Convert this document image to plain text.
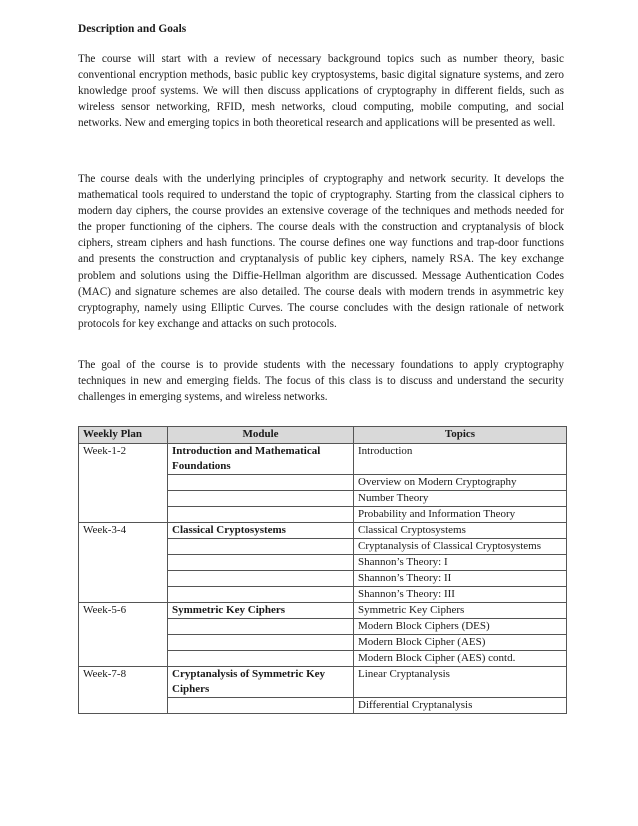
Description and Goals

The course will start with a review of necessary background topics such as number theory, basic conventional encryption methods, basic public key cryptosystems, basic digital signature systems, and zero knowledge proof systems. We will then discuss applications of cryptography in different fields, such as wireless sensor networking, RFID, mesh networks, cloud computing, mobile computing, and social networks. New and emerging topics in both theoretical research and applications will be presented as well.

The course deals with the underlying principles of cryptography and network security. It develops the mathematical tools required to understand the topic of cryptography. Starting from the classical ciphers to modern day ciphers, the course provides an extensive coverage of the techniques and methods needed for the proper functioning of the ciphers. The course deals with the construction and cryptanalysis of block ciphers, stream ciphers and hash functions. The course defines one way functions and trap-door functions and presents the construction and cryptanalysis of public key ciphers, namely RSA. The key exchange problem and solutions using the Diffie-Hellman algorithm are discussed. Message Authentication Codes (MAC) and signature schemes are also detailed. The course deals with modern trends in asymmetric key cryptography, namely using Elliptic Curves. The course concludes with the design rationale of network protocols for key exchange and attacks on such protocols.

The goal of the course is to provide students with the necessary foundations to apply cryptography techniques in new and emerging fields. The focus of this class is to discuss and understand the security challenges in emerging systems, and wireless networks.

Weekly Plan	Module	Topics
Week-1-2	Introduction and Mathematical Foundations	Introduction
		Overview on Modern Cryptography
		Number Theory
		Probability and Information Theory
Week-3-4	Classical Cryptosystems	Classical Cryptosystems
		Cryptanalysis of Classical Cryptosystems
		Shannon’s Theory: I
		Shannon’s Theory: II
		Shannon’s Theory: III
Week-5-6	Symmetric Key Ciphers	Symmetric Key Ciphers
		Modern Block Ciphers (DES)
		Modern Block Cipher (AES)
		Modern Block Cipher (AES) contd.
Week-7-8	Cryptanalysis of Symmetric Key Ciphers	Linear Cryptanalysis
		Differential Cryptanalysis
